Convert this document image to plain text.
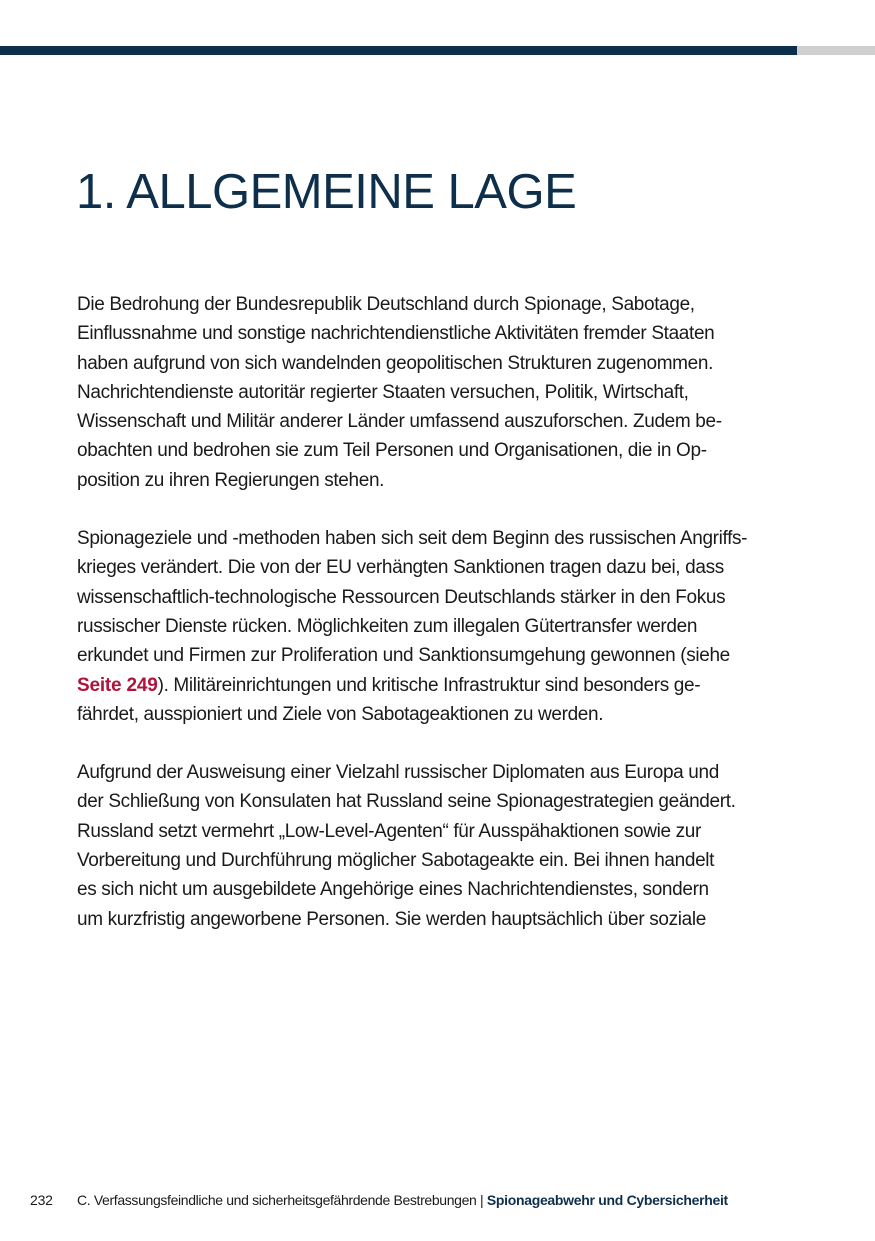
1. ALLGEMEINE LAGE

Die Bedrohung der Bundesrepublik Deutschland durch Spionage, Sabotage,
Einflussnahme und sonstige nachrichtendienstliche Aktivitäten fremder Staaten
haben aufgrund von sich wandelnden geopolitischen Strukturen zugenommen.
Nachrichtendienste autoritär regierter Staaten versuchen, Politik, Wirtschaft,
Wissenschaft und Militär anderer Länder umfassend auszuforschen. Zudem be-
obachten und bedrohen sie zum Teil Personen und Organisationen, die in Op-
position zu ihren Regierungen stehen.

Spionageziele und -methoden haben sich seit dem Beginn des russischen Angriffs-
krieges verändert. Die von der EU verhängten Sanktionen tragen dazu bei, dass
wissenschaftlich-technologische Ressourcen Deutschlands stärker in den Fokus
russischer Dienste rücken. Möglichkeiten zum illegalen Gütertransfer werden
erkundet und Firmen zur Proliferation und Sanktionsumgehung gewonnen (siehe
Seite 249). Militäreinrichtungen und kritische Infrastruktur sind besonders ge-
fährdet, ausspioniert und Ziele von Sabotageaktionen zu werden.

Aufgrund der Ausweisung einer Vielzahl russischer Diplomaten aus Europa und
der Schließung von Konsulaten hat Russland seine Spionagestrategien geändert.
Russland setzt vermehrt „Low-Level-Agenten“ für Ausspähaktionen sowie zur
Vorbereitung und Durchführung möglicher Sabotageakte ein. Bei ihnen handelt
es sich nicht um ausgebildete Angehörige eines Nachrichtendienstes, sondern
um kurzfristig angeworbene Personen. Sie werden hauptsächlich über soziale

232 C. Verfassungsfeindliche und sicherheitsgefährdende Bestrebungen | Spionageabwehr und Cybersicherheit
